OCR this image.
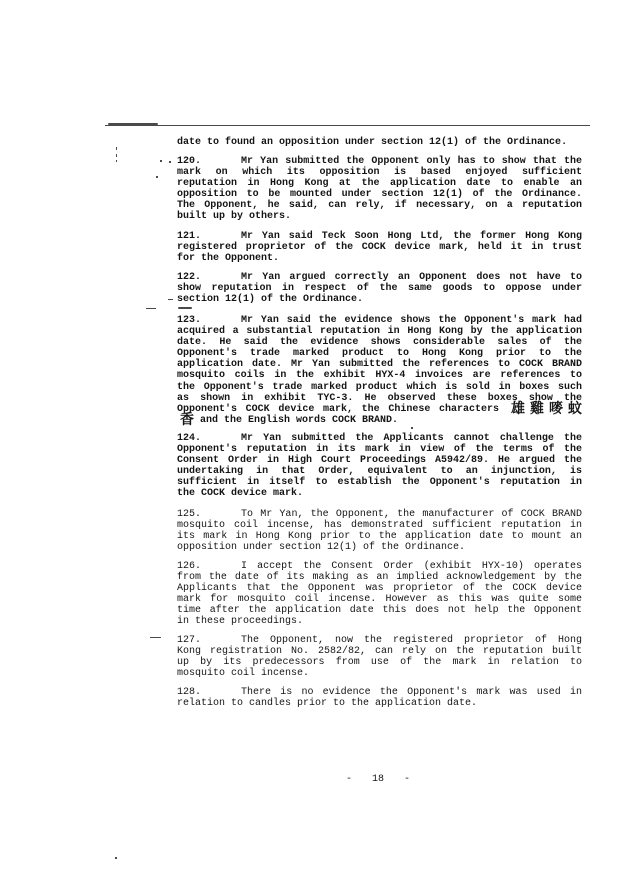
date to found an opposition under section 12(1) of the Ordinance.
120.	Mr Yan submitted the Opponent only has to show that the
mark on which its opposition is based enjoyed sufficient
reputation in Hong Kong at the application date to enable an
opposition to be mounted under section 12(1) of the Ordinance.
The Opponent, he said, can rely, if necessary, on a reputation
built up by others.
121.	Mr Yan said Teck Soon Hong Ltd, the former Hong Kong
registered proprietor of the COCK device mark, held it in trust
for the Opponent.
122.	Mr Yan argued correctly an Opponent does not have to
show reputation in respect of the same goods to oppose under
section 12(1) of the Ordinance.
123.	Mr Yan said the evidence shows the Opponent's mark had
acquired a substantial reputation in Hong Kong by the application
date. He said the evidence shows considerable sales of the
Opponent's trade marked product to Hong Kong prior to the
application date. Mr Yan submitted the references to COCK BRAND
mosquito coils in the exhibit HYX-4 invoices are references to
the Opponent's trade marked product which is sold in boxes such
as shown in exhibit TYC-3. He observed these boxes show the
Opponent's COCK device mark, the Chinese characters 雄雞嘜蚊
香 and the English words COCK BRAND.
124.	Mr Yan submitted the Applicants cannot challenge the
Opponent's reputation in its mark in view of the terms of the
Consent Order in High Court Proceedings A5942/89. He argued the
undertaking in that Order, equivalent to an injunction, is
sufficient in itself to establish the Opponent's reputation in
the COCK device mark.
125.	To Mr Yan, the Opponent, the manufacturer of COCK BRAND
mosquito coil incense, has demonstrated sufficient reputation in
its mark in Hong Kong prior to the application date to mount an
opposition under section 12(1) of the Ordinance.
126.	I accept the Consent Order (exhibit HYX-10) operates
from the date of its making as an implied acknowledgement by the
Applicants that the Opponent was proprietor of the COCK device
mark for mosquito coil incense. However as this was quite some
time after the application date this does not help the Opponent
in these proceedings.
127.	The Opponent, now the registered proprietor of Hong
Kong registration No. 2582/82, can rely on the reputation built
up by its predecessors from use of the mark in relation to
mosquito coil incense.
128.	There is no evidence the Opponent's mark was used in
relation to candles prior to the application date.
- 18 -
